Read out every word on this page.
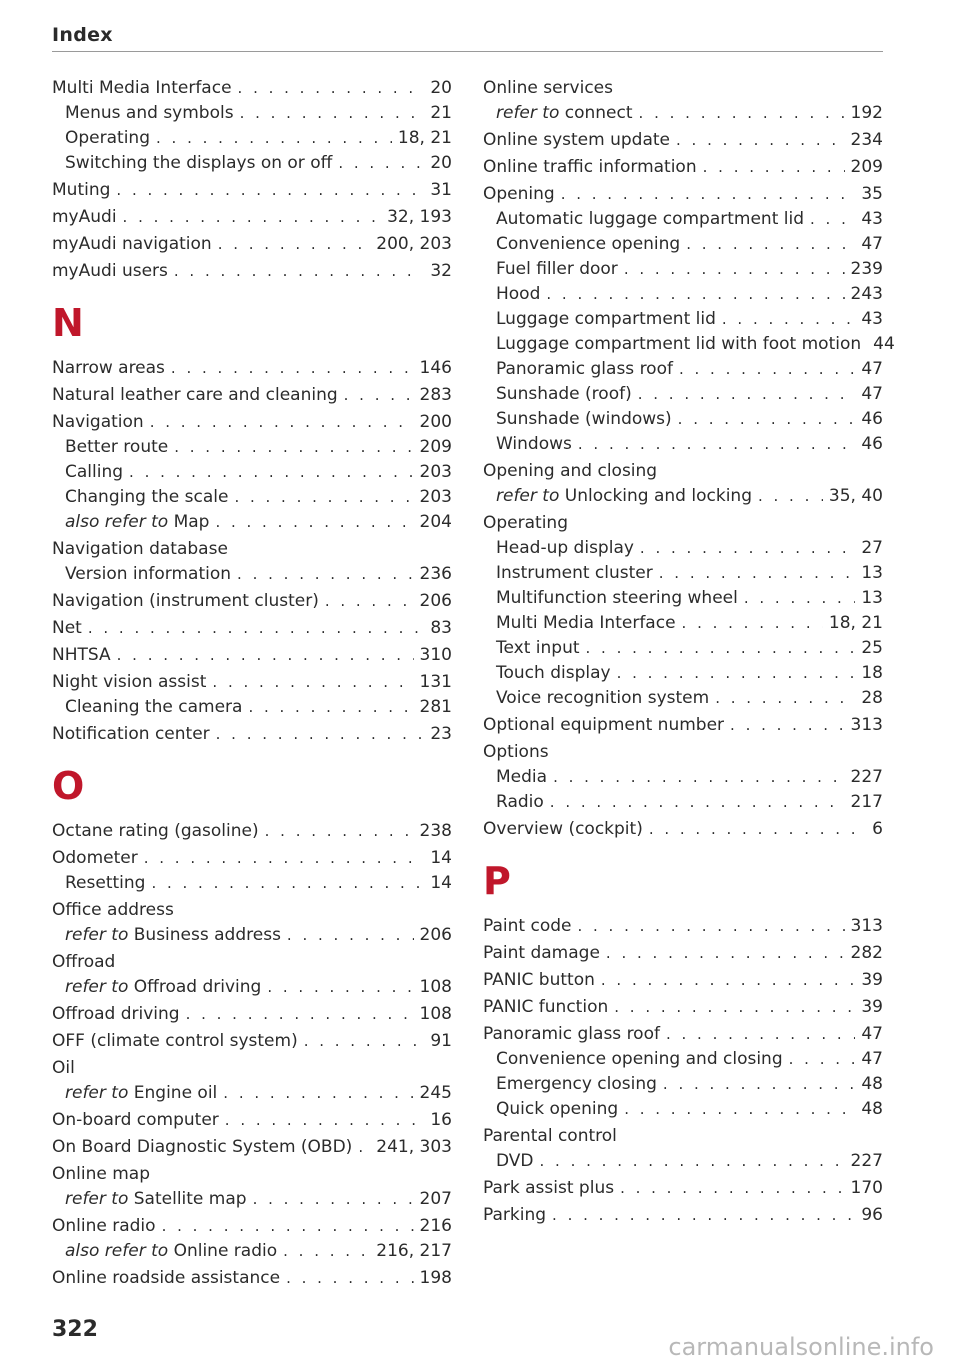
Index
Multi Media Interface . . .	20
Menus and symbols . . .	21
Operating . . .	18, 21
Switching the displays on or off . . .	20
Muting . . .	31
myAudi . . .	32, 193
myAudi navigation . . .	200, 203
myAudi users . . .	32
N
Narrow areas . . .	146
Natural leather care and cleaning . . .	283
Navigation . . .	200
Better route . . .	209
Calling . . .	203
Changing the scale . . .	203
also refer to Map . . .	204
Navigation database
Version information . . .	236
Navigation (instrument cluster) . . .	206
Net . . .	83
NHTSA . . .	310
Night vision assist . . .	131
Cleaning the camera . . .	281
Notification center . . .	23
O
Octane rating (gasoline) . . .	238
Odometer . . .	14
Resetting . . .	14
Office address
refer to Business address . . .	206
Offroad
refer to Offroad driving . . .	108
Offroad driving . . .	108
OFF (climate control system) . . .	91
Oil
refer to Engine oil . . .	245
On-board computer . . .	16
On Board Diagnostic System (OBD) . . . 241, 303
Online map
refer to Satellite map . . .	207
Online radio . . .	216
also refer to Online radio . . .	216, 217
Online roadside assistance . . .	198
Online services
refer to connect . . .	192
Online system update . . .	234
Online traffic information . . .	209
Opening . . .	35
Automatic luggage compartment lid . . .	43
Convenience opening . . .	47
Fuel filler door . . .	239
Hood . . .	243
Luggage compartment lid . . .	43
Luggage compartment lid with foot motion 44
Panoramic glass roof . . .	47
Sunshade (roof) . . .	47
Sunshade (windows) . . .	46
Windows . . .	46
Opening and closing
refer to Unlocking and locking . . .	35, 40
Operating
Head-up display . . .	27
Instrument cluster . . .	13
Multifunction steering wheel . . .	13
Multi Media Interface . . .	18, 21
Text input . . .	25
Touch display . . .	18
Voice recognition system . . .	28
Optional equipment number . . .	313
Options
Media . . .	227
Radio . . .	217
Overview (cockpit) . . .	6
P
Paint code . . .	313
Paint damage . . .	282
PANIC button . . .	39
PANIC function . . .	39
Panoramic glass roof . . .	47
Convenience opening and closing . . .	47
Emergency closing . . .	48
Quick opening . . .	48
Parental control
DVD . . .	227
Park assist plus . . .	170
Parking . . .	96
322
carmanualsonline.info
